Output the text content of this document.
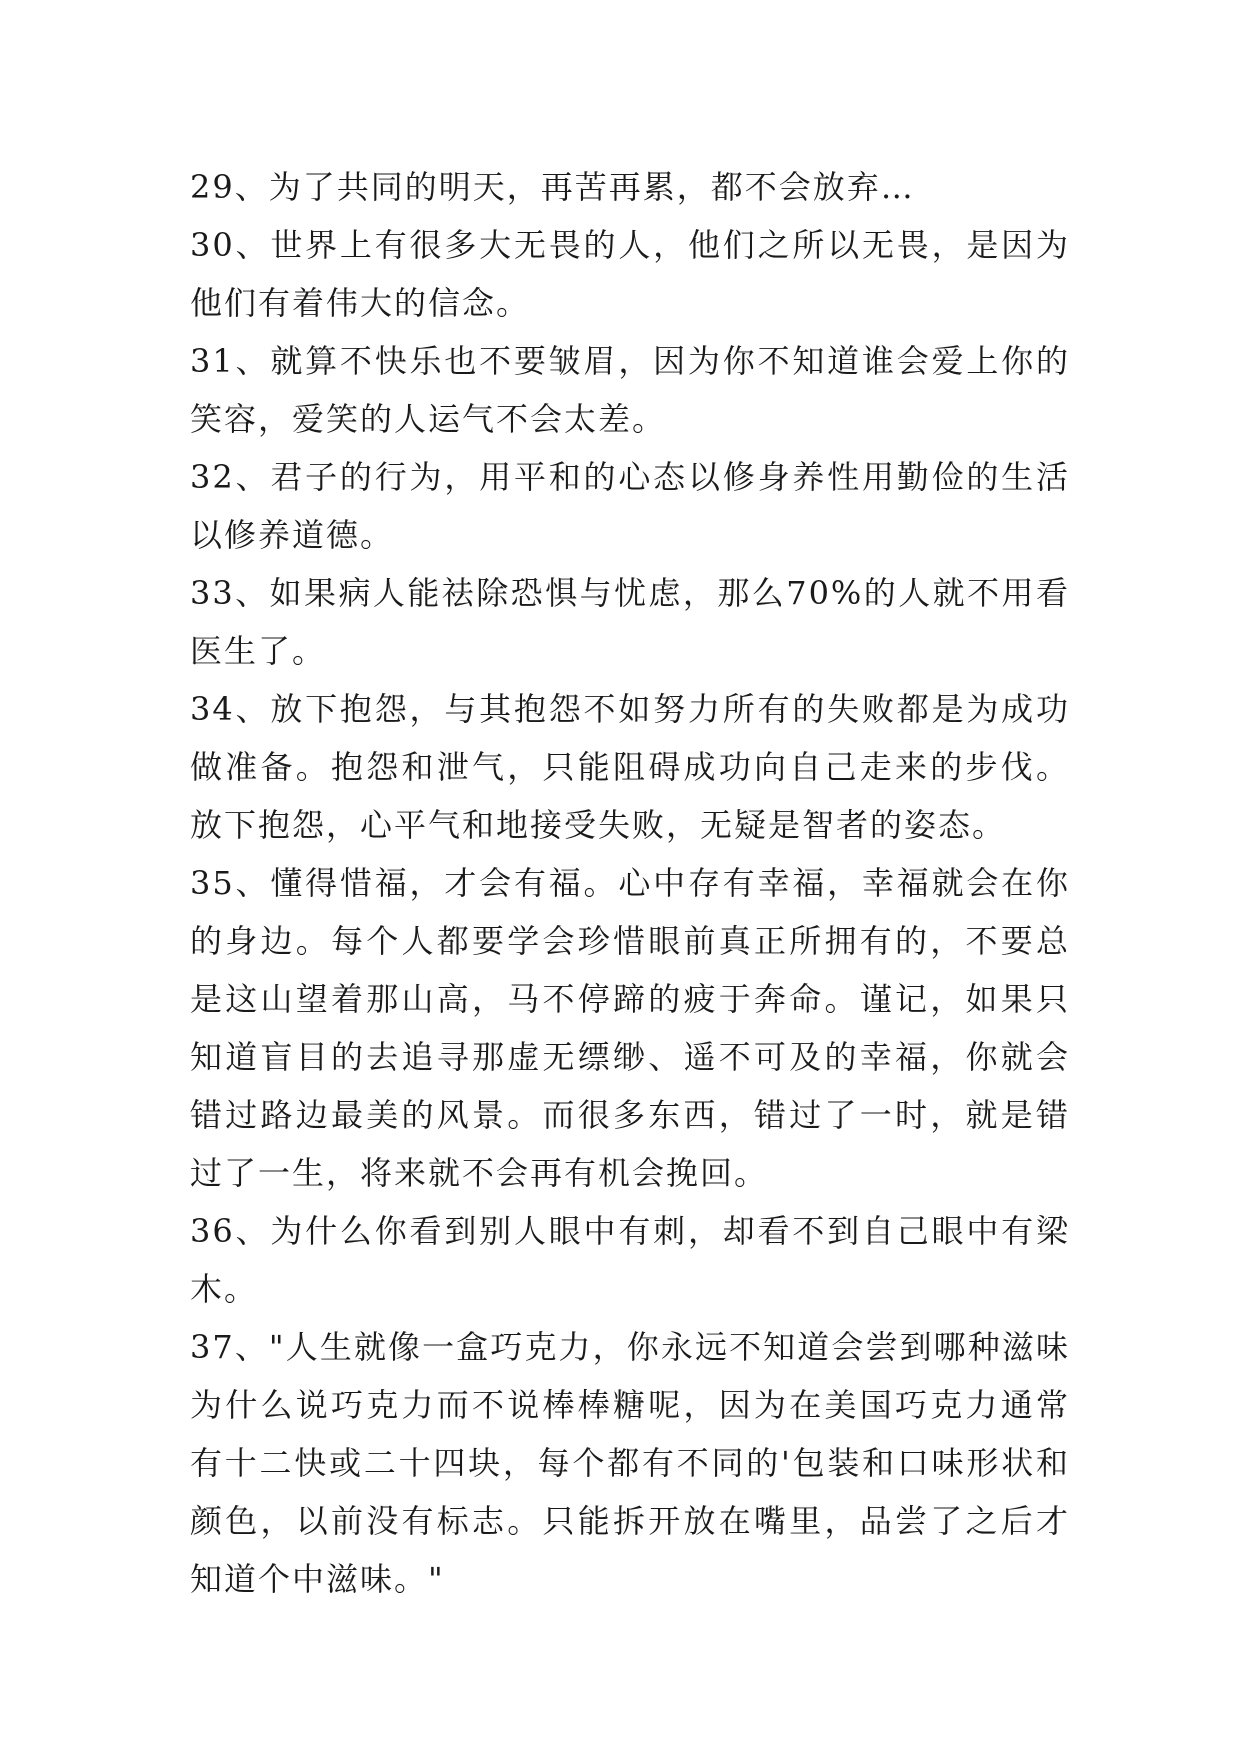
29、为了共同的明天，再苦再累，都不会放弃…

30、世界上有很多大无畏的人，他们之所以无畏，是因为他们有着伟大的信念。

31、就算不快乐也不要皱眉，因为你不知道谁会爱上你的笑容，爱笑的人运气不会太差。

32、君子的行为，用平和的心态以修身养性用勤俭的生活以修养道德。

33、如果病人能祛除恐惧与忧虑，那么70%的人就不用看医生了。

34、放下抱怨，与其抱怨不如努力所有的失败都是为成功做准备。抱怨和泄气，只能阻碍成功向自己走来的步伐。放下抱怨，心平气和地接受失败，无疑是智者的姿态。

35、懂得惜福，才会有福。心中存有幸福，幸福就会在你的身边。每个人都要学会珍惜眼前真正所拥有的，不要总是这山望着那山高，马不停蹄的疲于奔命。谨记，如果只知道盲目的去追寻那虚无缥缈、遥不可及的幸福，你就会错过路边最美的风景。而很多东西，错过了一时，就是错过了一生，将来就不会再有机会挽回。

36、为什么你看到别人眼中有刺，却看不到自己眼中有梁木。

37、"人生就像一盒巧克力，你永远不知道会尝到哪种滋味为什么说巧克力而不说棒棒糖呢，因为在美国巧克力通常有十二快或二十四块，每个都有不同的'包装和口味形状和颜色，以前没有标志。只能拆开放在嘴里，品尝了之后才知道个中滋味。"
